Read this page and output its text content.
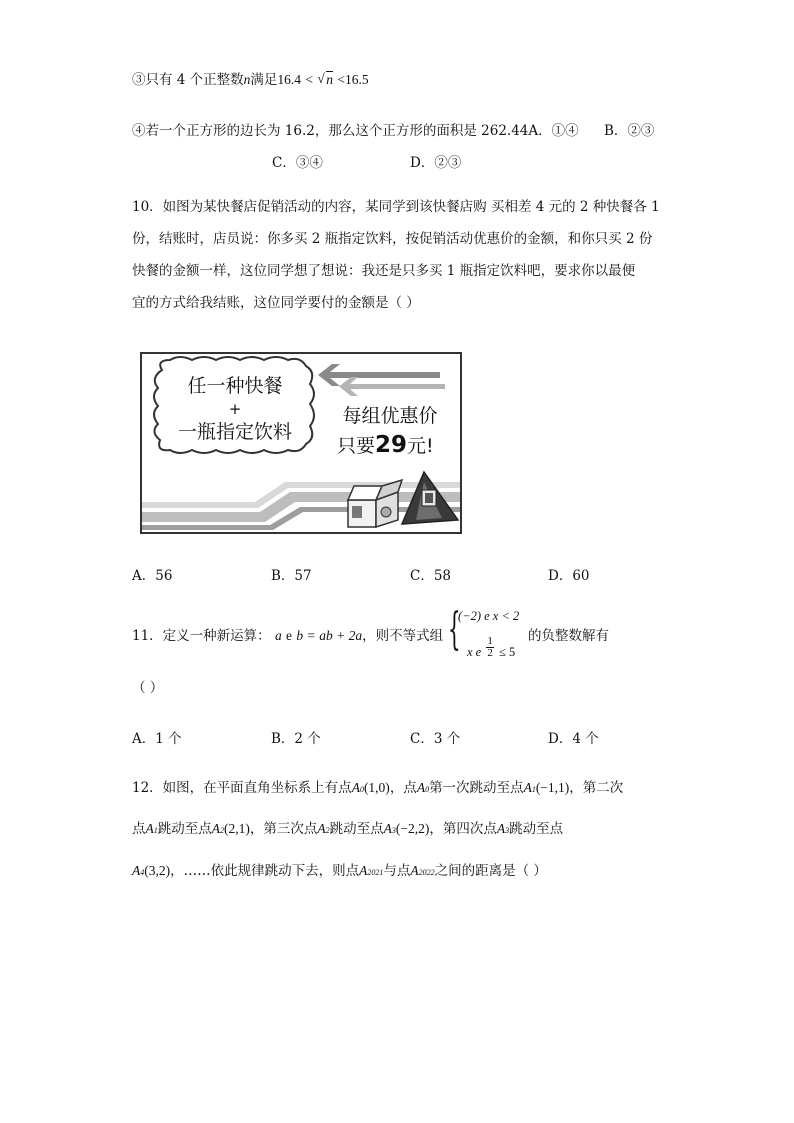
③只有 4 个正整数n满足16.4 < √ n <16.5
④若一个正方形的边长为 16.2，那么这个正方形的面积是 262.44A．①④ B．②③
C．③④	D．②③
10．如图为某快餐店促销活动的内容，某同学到该快餐店购 买相差 4 元的 2 种快餐各 1
份，结账时，店员说：你多买 2 瓶指定饮料，按促销活动优惠价的金额，和你只买 2 份
快餐的金额一样，这位同学想了想说：我还是只多买 1 瓶指定饮料吧，要求你以最便
宜的方式给我结账，这位同学要付的金额是（ ）
任一种快餐
+
一瓶指定饮料
每组优惠价
只要29元!
A．56	B．57	C．58	D．60
11．定义一种新运算： a e b = ab + 2a，则不等式组 {
(−2) e x < 2
x e $\frac{1}{2} \le 5$
的负整数解有
（ ）
A．1 个	B．2 个	C．3 个	D．4 个
12．如图，在平面直角坐标系上有点A0(1,0)，点A0第一次跳动至点A1(−1,1)，第二次
点A1跳动至点A2(2,1)，第三次点A2跳动至点A3(−2,2)，第四次点A3跳动至点
A4(3,2)，……依此规律跳动下去，则点A2021与点A2022之间的距离是（ ）
